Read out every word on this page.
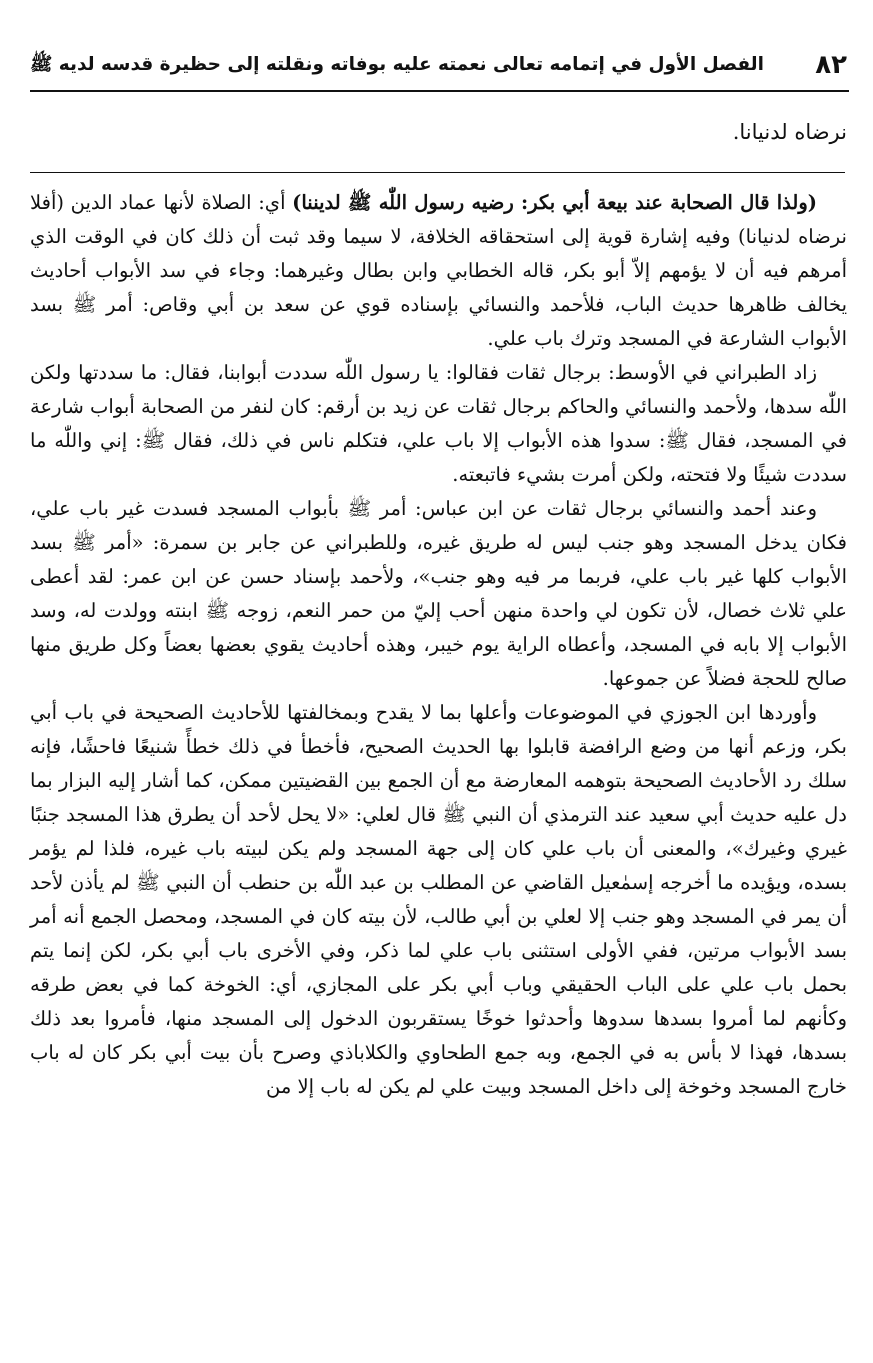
٨٢
الفصل الأول في إتمامه تعالى نعمته عليه بوفاته ونقلته إلى حظيرة قدسه لديه ﷺ
نرضاه لدنيانا.

(ولذا قال الصحابة عند بيعة أبي بكر: رضيه رسول اللّٰه ﷺ لديننا) أي: الصلاة لأنها عماد الدين (أفلا نرضاه لدنيانا) وفيه إشارة قوية إلى استحقاقه الخلافة، لا سيما وقد ثبت أن ذلك كان في الوقت الذي أمرهم فيه أن لا يؤمهم إلاّ أبو بكر، قاله الخطابي وابن بطال وغيرهما: وجاء في سد الأبواب أحاديث يخالف ظاهرها حديث الباب، فلأحمد والنسائي بإسناده قوي عن سعد بن أبي وقاص: أمر ﷺ بسد الأبواب الشارعة في المسجد وترك باب علي.

زاد الطبراني في الأوسط: برجال ثقات فقالوا: يا رسول اللّٰه سددت أبوابنا، فقال: ما سددتها ولكن اللّٰه سدها، ولأحمد والنسائي والحاكم برجال ثقات عن زيد بن أرقم: كان لنفر من الصحابة أبواب شارعة في المسجد، فقال ﷺ: سدوا هذه الأبواب إلا باب علي، فتكلم ناس في ذلك، فقال ﷺ: إني واللّٰه ما سددت شيئًا ولا فتحته، ولكن أمرت بشيء فاتبعته.

وعند أحمد والنسائي برجال ثقات عن ابن عباس: أمر ﷺ بأبواب المسجد فسدت غير باب علي، فكان يدخل المسجد وهو جنب ليس له طريق غيره، وللطبراني عن جابر بن سمرة: «أمر ﷺ بسد الأبواب كلها غير باب علي، فربما مر فيه وهو جنب»، ولأحمد بإسناد حسن عن ابن عمر: لقد أعطى علي ثلاث خصال، لأن تكون لي واحدة منهن أحب إليّ من حمر النعم، زوجه ﷺ ابنته وولدت له، وسد الأبواب إلا بابه في المسجد، وأعطاه الراية يوم خيبر، وهذه أحاديث يقوي بعضها بعضاً وكل طريق منها صالح للحجة فضلاً عن جموعها.

وأوردها ابن الجوزي في الموضوعات وأعلها بما لا يقدح وبمخالفتها للأحاديث الصحيحة في باب أبي بكر، وزعم أنها من وضع الرافضة قابلوا بها الحديث الصحيح، فأخطأ في ذلك خطأً شنيعًا فاحشًا، فإنه سلك رد الأحاديث الصحيحة بتوهمه المعارضة مع أن الجمع بين القضيتين ممكن، كما أشار إليه البزار بما دل عليه حديث أبي سعيد عند الترمذي أن النبي ﷺ قال لعلي: «لا يحل لأحد أن يطرق هذا المسجد جنبًا غيري وغيرك»، والمعنى أن باب علي كان إلى جهة المسجد ولم يكن لبيته باب غيره، فلذا لم يؤمر بسده، ويؤيده ما أخرجه إسمٰعيل القاضي عن المطلب بن عبد اللّٰه بن حنطب أن النبي ﷺ لم يأذن لأحد أن يمر في المسجد وهو جنب إلا لعلي بن أبي طالب، لأن بيته كان في المسجد، ومحصل الجمع أنه أمر بسد الأبواب مرتين، ففي الأولى استثنى باب علي لما ذكر، وفي الأخرى باب أبي بكر، لكن إنما يتم بحمل باب علي على الباب الحقيقي وباب أبي بكر على المجازي، أي: الخوخة كما في بعض طرقه وكأنهم لما أمروا بسدها سدوها وأحدثوا خوخًا يستقربون الدخول إلى المسجد منها، فأمروا بعد ذلك بسدها، فهذا لا بأس به في الجمع، وبه جمع الطحاوي والكلاباذي وصرح بأن بيت أبي بكر كان له باب خارج المسجد وخوخة إلى داخل المسجد وبيت علي لم يكن له باب إلا من
